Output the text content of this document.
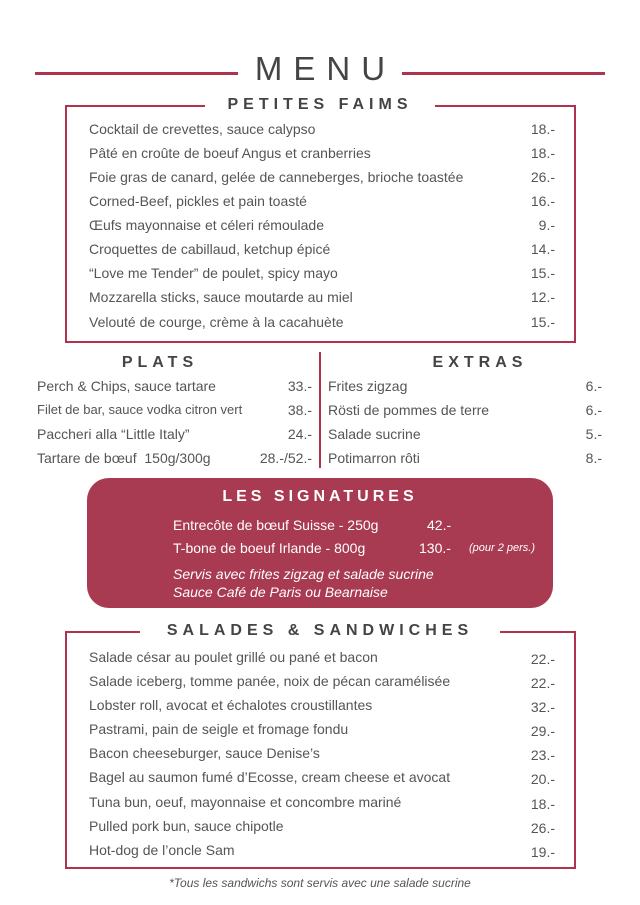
MENU
PETITES FAIMS
Cocktail de crevettes, sauce calypso	18.-
Pâté en croûte de boeuf Angus et cranberries	18.-
Foie gras de canard, gelée de canneberges, brioche toastée	26.-
Corned-Beef, pickles et pain toasté	16.-
Œufs mayonnaise et céleri rémoulade	9.-
Croquettes de cabillaud, ketchup épicé	14.-
“Love me Tender” de poulet, spicy mayo	15.-
Mozzarella sticks, sauce moutarde au miel	12.-
Velouté de courge, crème à la cacahuète	15.-
PLATS	EXTRAS
Perch & Chips, sauce tartare	33.-
Filet de bar, sauce vodka citron vert	38.-
Paccheri alla “Little Italy”	24.-
Tartare de bœuf  150g/300g	28.-/52.-
Frites zigzag	6.-
Rösti de pommes de terre	6.-
Salade sucrine	5.-
Potimarron rôti	8.-
LES SIGNATURES
Entrecôte de bœuf Suisse - 250g	42.-
T-bone de boeuf Irlande - 800g	130.- (pour 2 pers.)
Servis avec frites zigzag et salade sucrine
Sauce Café de Paris ou Bearnaise
SALADES & SANDWICHES
Salade césar au poulet grillé ou pané et bacon	22.-
Salade iceberg, tomme panée, noix de pécan caramélisée	22.-
Lobster roll, avocat et échalotes croustillantes	32.-
Pastrami, pain de seigle et fromage fondu	29.-
Bacon cheeseburger, sauce Denise’s	23.-
Bagel au saumon fumé d’Ecosse, cream cheese et avocat	20.-
Tuna bun, oeuf, mayonnaise et concombre mariné	18.-
Pulled pork bun, sauce chipotle	26.-
Hot-dog de l’oncle Sam	19.-
*Tous les sandwichs sont servis avec une salade sucrine
